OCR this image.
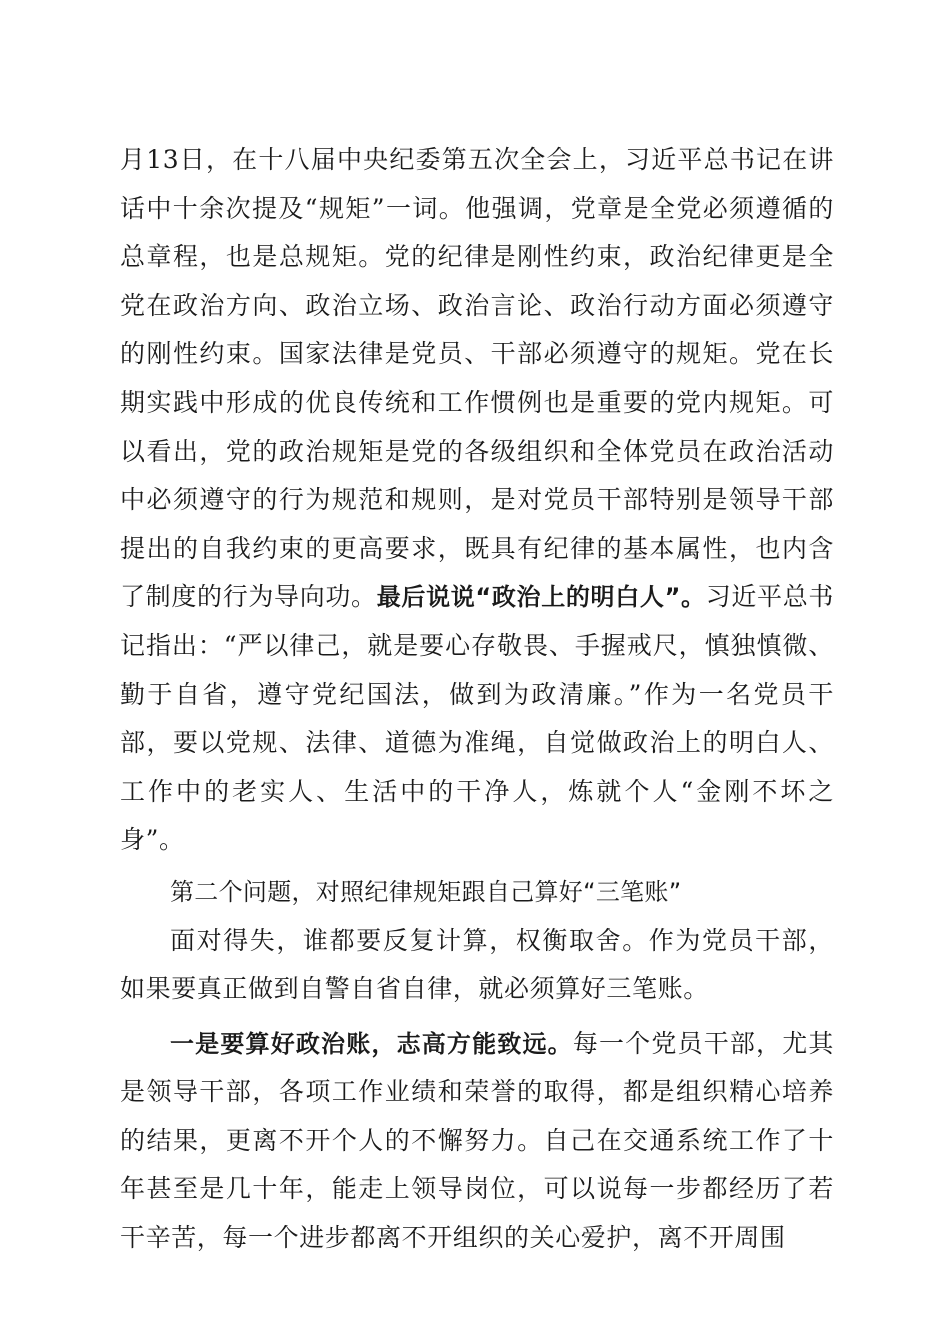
月13日，在十八届中央纪委第五次全会上，习近平总书记在讲话中十余次提及“规矩”一词。他强调，党章是全党必须遵循的总章程，也是总规矩。党的纪律是刚性约束，政治纪律更是全党在政治方向、政治立场、政治言论、政治行动方面必须遵守的刚性约束。国家法律是党员、干部必须遵守的规矩。党在长期实践中形成的优良传统和工作惯例也是重要的党内规矩。可以看出，党的政治规矩是党的各级组织和全体党员在政治活动中必须遵守的行为规范和规则，是对党员干部特别是领导干部提出的自我约束的更高要求，既具有纪律的基本属性，也内含了制度的行为导向功。最后说说“政治上的明白人”。习近平总书记指出：“严以律己，就是要心存敬畏、手握戒尺，慎独慎微、勤于自省，遵守党纪国法，做到为政清廉。”作为一名党员干部，要以党规、法律、道德为准绳，自觉做政治上的明白人、工作中的老实人、生活中的干净人，炼就个人“金刚不坏之身”。

第二个问题，对照纪律规矩跟自己算好“三笔账”

面对得失，谁都要反复计算，权衡取舍。作为党员干部，如果要真正做到自警自省自律，就必须算好三笔账。

一是要算好政治账，志高方能致远。每一个党员干部，尤其是领导干部，各项工作业绩和荣誉的取得，都是组织精心培养的结果，更离不开个人的不懈努力。自己在交通系统工作了十年甚至是几十年，能走上领导岗位，可以说每一步都经历了若干辛苦，每一个进步都离不开组织的关心爱护，离不开周围
